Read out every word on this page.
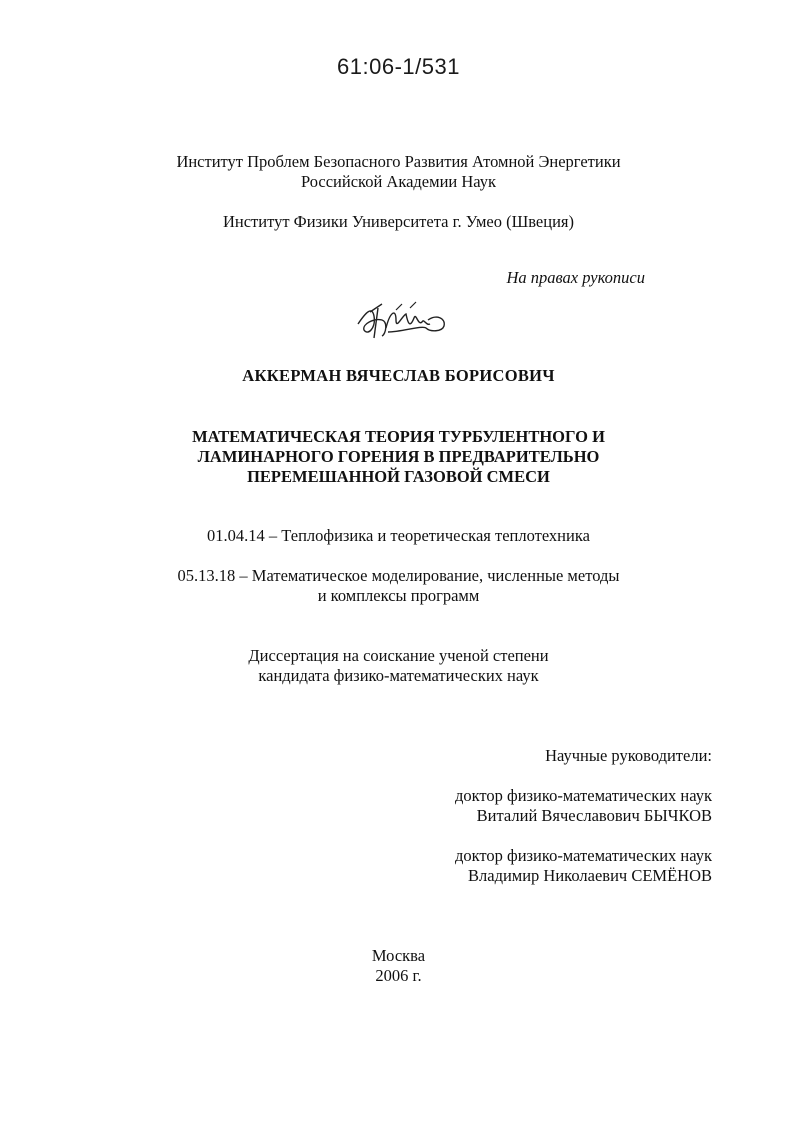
61:06-1/531
Институт Проблем Безопасного Развития Атомной Энергетики
Российской Академии Наук
Институт Физики Университета г. Умео (Швеция)
На правах рукописи
АККЕРМАН ВЯЧЕСЛАВ БОРИСОВИЧ
МАТЕМАТИЧЕСКАЯ ТЕОРИЯ ТУРБУЛЕНТНОГО И
ЛАМИНАРНОГО ГОРЕНИЯ В ПРЕДВАРИТЕЛЬНО
ПЕРЕМЕШАННОЙ ГАЗОВОЙ СМЕСИ
01.04.14 – Теплофизика и теоретическая теплотехника
05.13.18 – Математическое моделирование, численные методы
и комплексы программ
Диссертация на соискание ученой степени
кандидата физико-математических наук
Научные руководители:
доктор физико-математических наук
Виталий Вячеславович БЫЧКОВ
доктор физико-математических наук
Владимир Николаевич СЕМЁНОВ
Москва
2006 г.
